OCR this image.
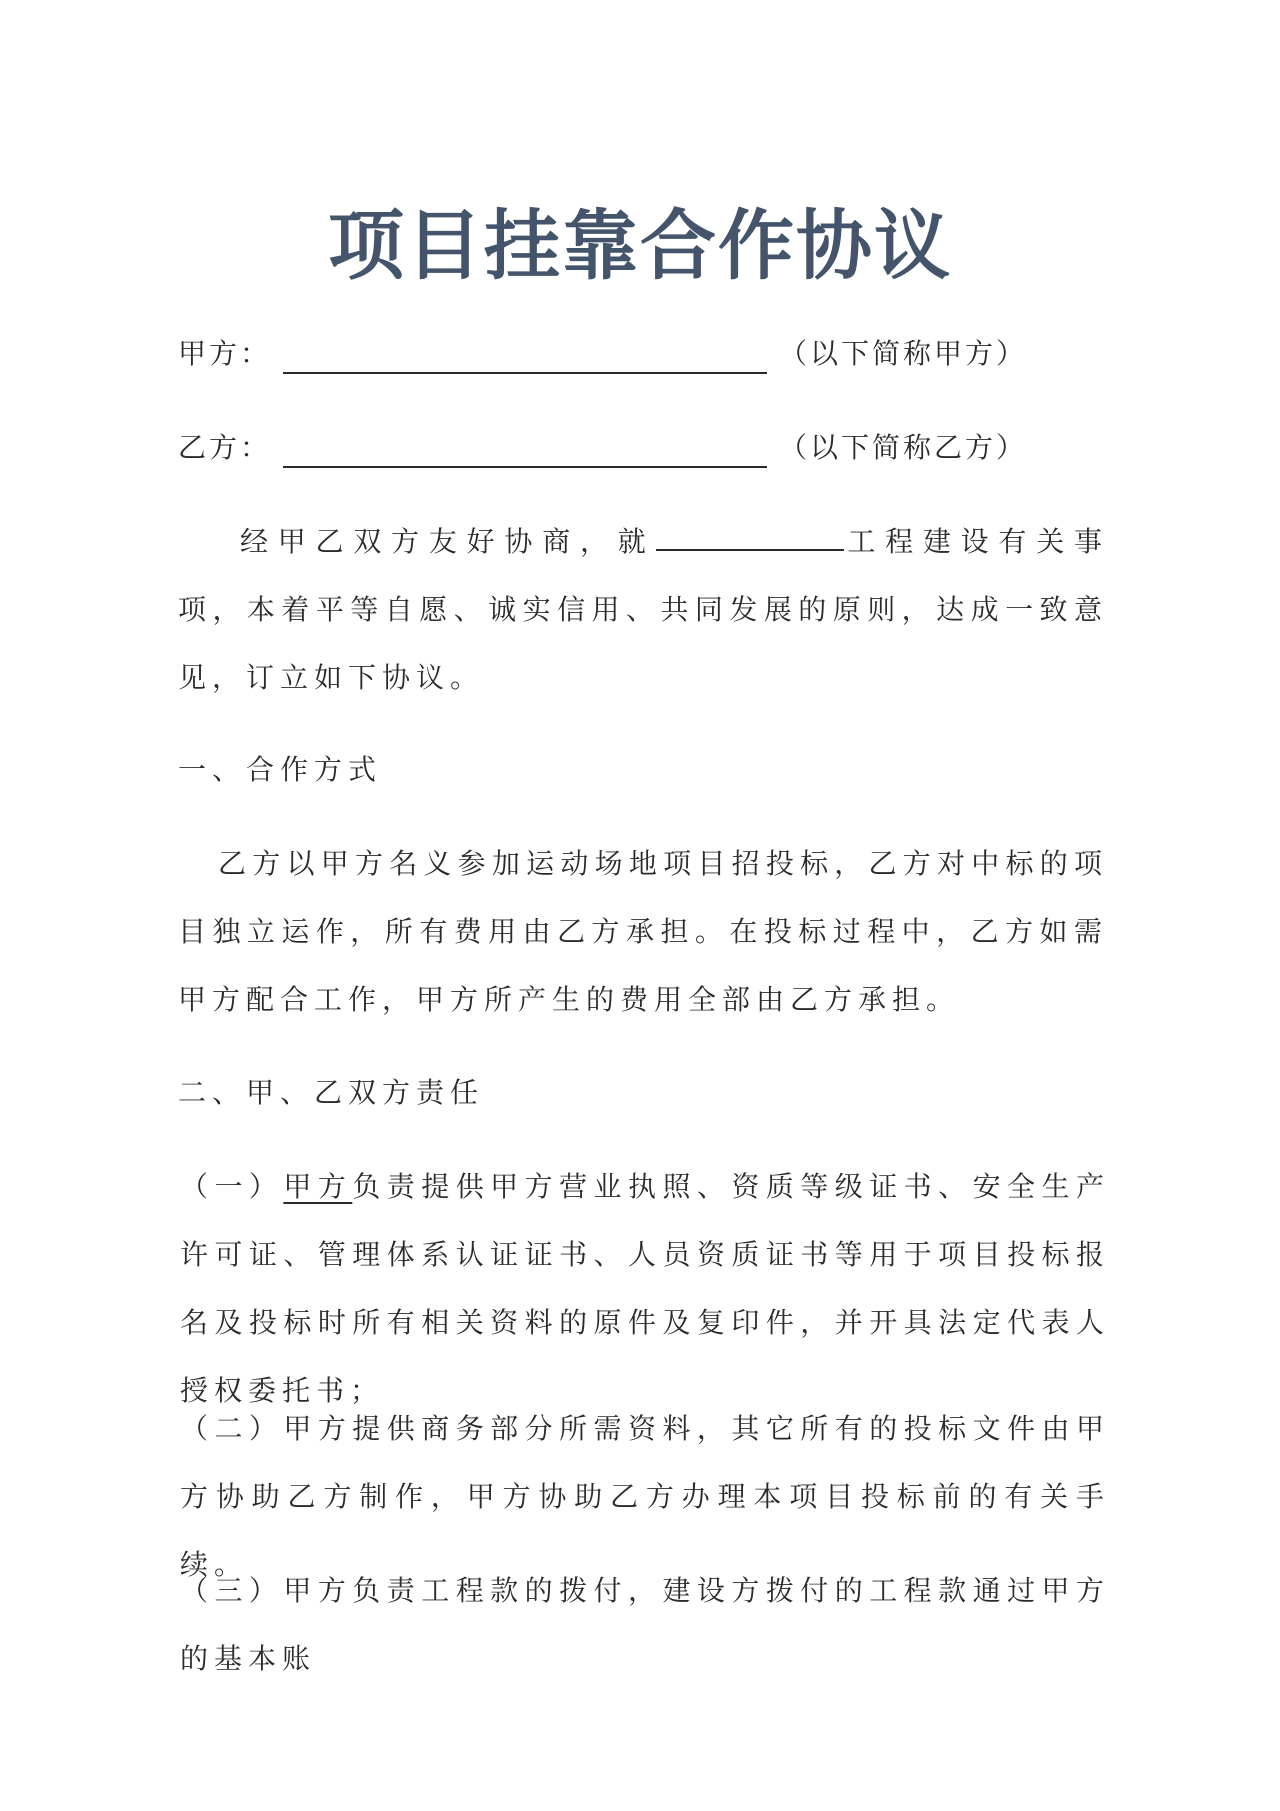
项目挂靠合作协议
甲方：	（以下简称甲方）
乙方：	（以下简称乙方）
经甲乙双方友好协商，就	工程建设有关事项，本着平等自愿、诚实信用、共同发展的原则，达成一致意见，订立如下协议。
一、合作方式
乙方以甲方名义参加运动场地项目招投标，乙方对中标的项目独立运作，所有费用由乙方承担。在投标过程中，乙方如需甲方配合工作，甲方所产生的费用全部由乙方承担。
二、甲、乙双方责任
（一）甲方负责提供甲方营业执照、资质等级证书、安全生产许可证、管理体系认证证书、人员资质证书等用于项目投标报名及投标时所有相关资料的原件及复印件，并开具法定代表人授权委托书；
（二）甲方提供商务部分所需资料，其它所有的投标文件由甲方协助乙方制作，甲方协助乙方办理本项目投标前的有关手续。
（三）甲方负责工程款的拨付，建设方拨付的工程款通过甲方的基本账
